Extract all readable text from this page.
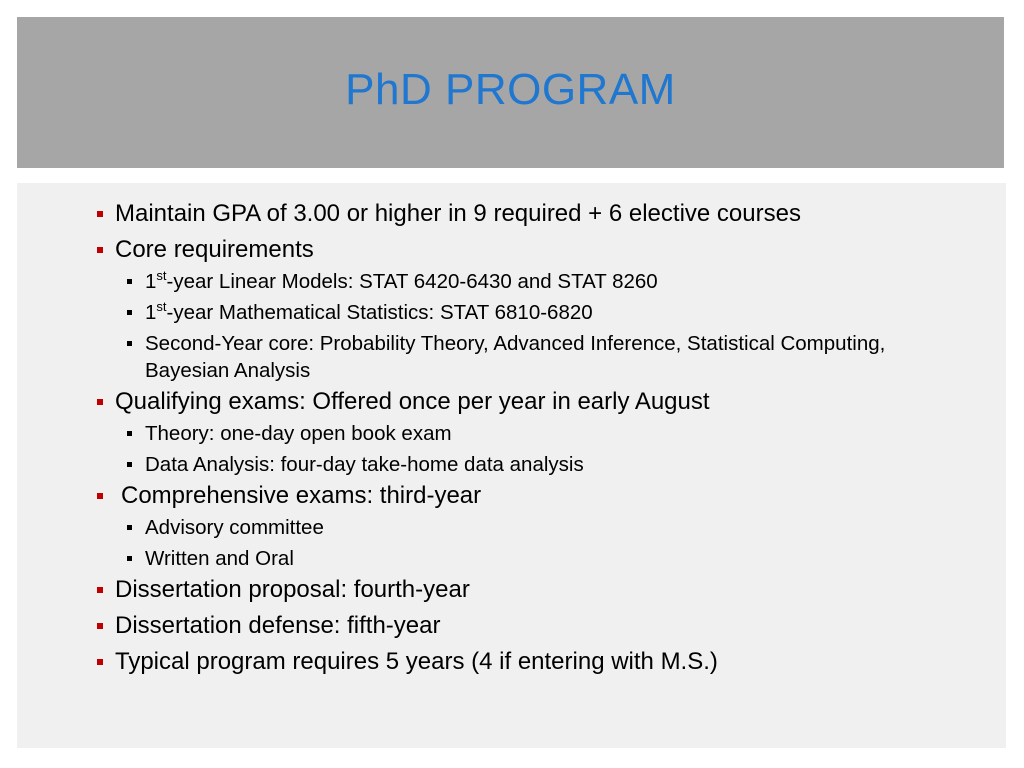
PhD PROGRAM
Maintain GPA of 3.00 or higher in 9 required + 6 elective courses
Core requirements
1st-year Linear Models: STAT 6420-6430 and STAT 8260
1st-year Mathematical Statistics: STAT 6810-6820
Second-Year core: Probability Theory, Advanced Inference, Statistical Computing, Bayesian Analysis
Qualifying exams: Offered once per year in early August
Theory: one-day open book exam
Data Analysis: four-day take-home data analysis
Comprehensive exams: third-year
Advisory committee
Written and Oral
Dissertation proposal: fourth-year
Dissertation defense: fifth-year
Typical program requires 5 years (4 if entering with M.S.)
